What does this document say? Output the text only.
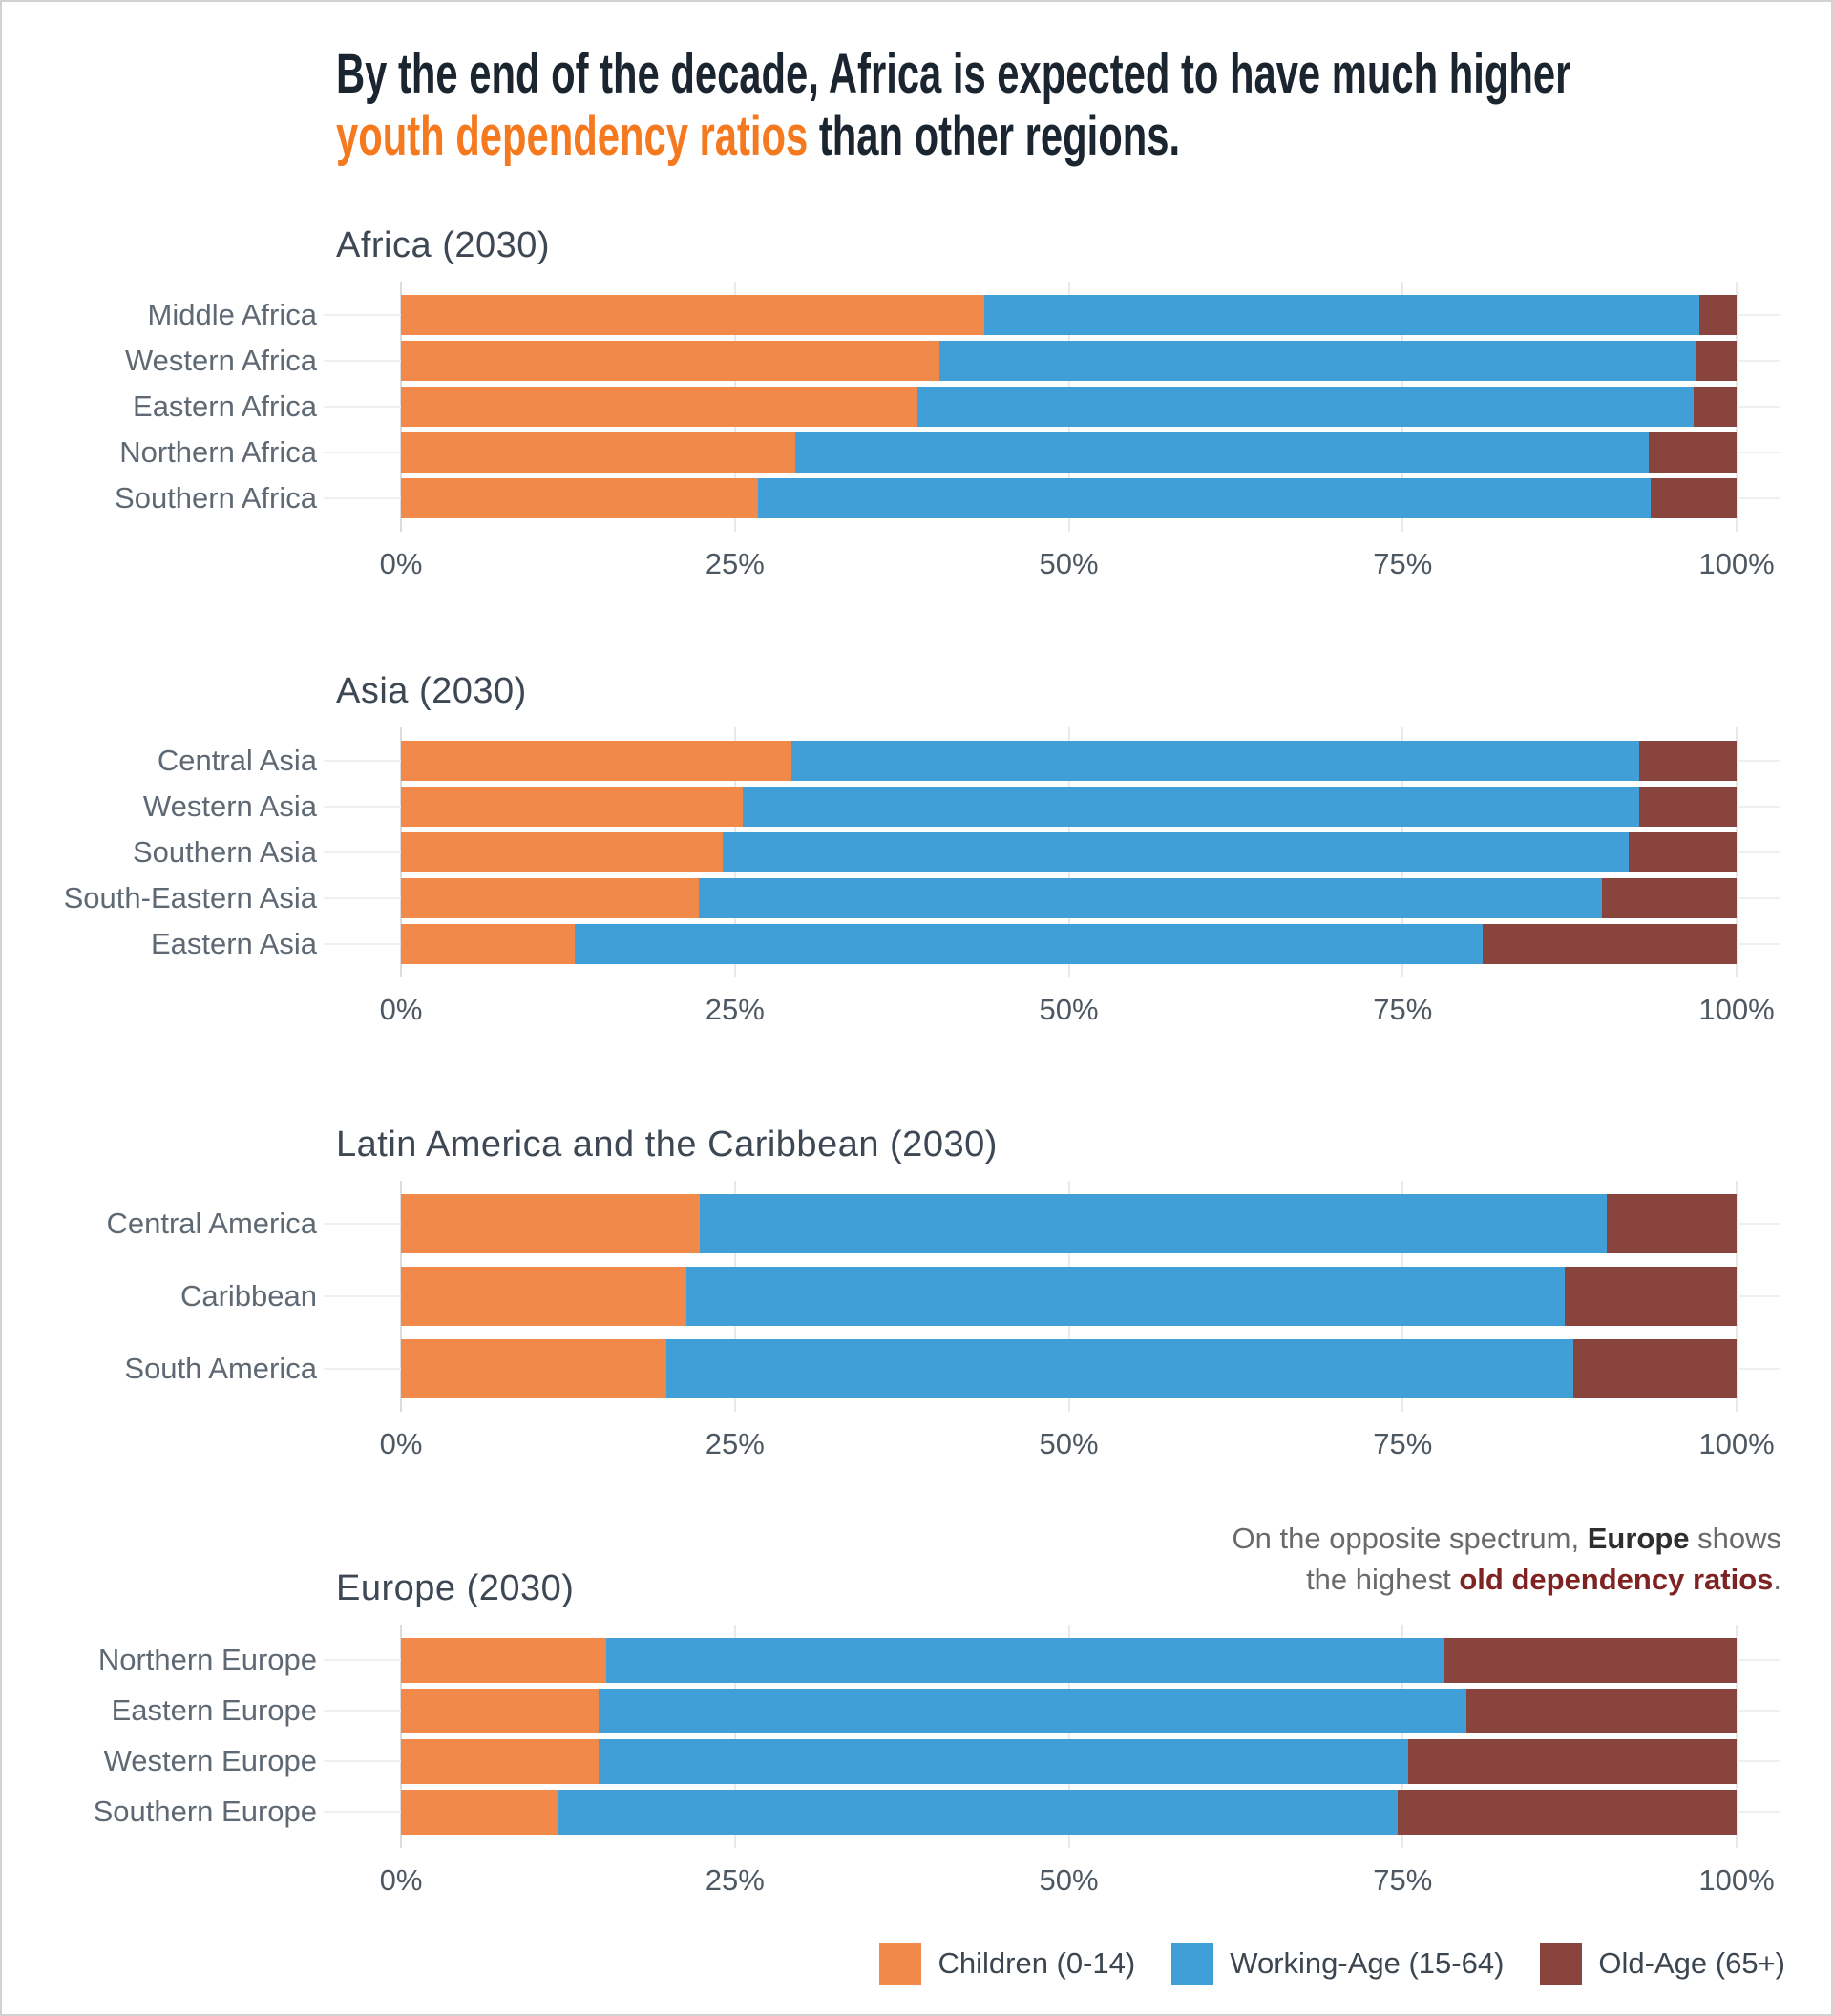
By the end of the decade, Africa is expected to have much higher
youth dependency ratios than other regions.
Africa (2030)
Middle Africa
Western Africa
Eastern Africa
Northern Africa
Southern Africa
0%	25%	50%	75%	100%
Asia (2030)
Central Asia
Western Asia
Southern Asia
South-Eastern Asia
Eastern Asia
0%	25%	50%	75%	100%
Latin America and the Caribbean (2030)
Central America
Caribbean
South America
0%	25%	50%	75%	100%
Europe (2030)
On the opposite spectrum, Europe shows
the highest old dependency ratios.
Northern Europe
Eastern Europe
Western Europe
Southern Europe
0%	25%	50%	75%	100%
Children (0-14)	Working-Age (15-64)	Old-Age (65+)
